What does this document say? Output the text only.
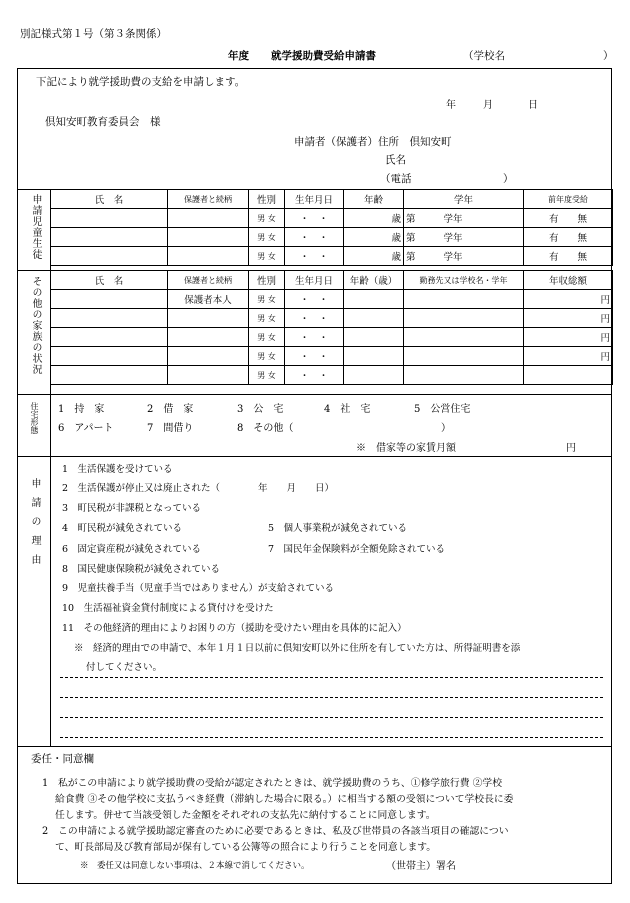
別記様式第１号（第３条関係）
年度 就学援助費受給申請書	（学校名	）
下記により就学援助費の支給を申請します。
年	月	日
倶知安町教育委員会　様
申請者（保護者）住所　倶知安町
氏名
（電話	）
申請児童生徒	氏　名	保護者と続柄	性別	生年月日	年齢	学年	前年度受給
		男 女	・　・	歳	第 学年	有　　無
		男 女	・　・	歳	第 学年	有　　無
		男 女	・　・	歳	第 学年	有　　無
その他の家族の状況	氏　名	保護者と続柄	性別	生年月日	年齢（歳）	勤務先又は学校名・学年	年収総額
	保護者本人	男 女	・　・			円
		男 女	・　・			円
		男 女	・　・			円
		男 女	・　・			円
		男 女	・　・			
住宅形態 1　持　家	2　借　家	3　公　宅	4　社　宅	5　公営住宅
6　アパート	7　間借り	8　その他（	）
※　借家等の家賃月額	円
申請の理由
1　生活保護を受けている
2　生活保護が停止又は廃止された（　　　　年　　月　　日）
3　町民税が非課税となっている
4　町民税が減免されている	5　個人事業税が減免されている
6　固定資産税が減免されている	7　国民年金保険料が全額免除されている
8　国民健康保険税が減免されている
9　児童扶養手当（児童手当ではありません）が支給されている
10　生活福祉資金貸付制度による貸付けを受けた
11　その他経済的理由によりお困りの方（援助を受けたい理由を具体的に記入）
※　経済的理由での申請で、本年１月１日以前に倶知安町以外に住所を有していた方は、所得証明書を添
付してください。
委任・同意欄
1　私がこの申請により就学援助費の受給が認定されたときは、就学援助費のうち、①修学旅行費 ②学校
給食費 ③その他学校に支払うべき経費（滞納した場合に限る。）に相当する額の受領について学校長に委
任します。併せて当該受領した金額をそれぞれの支払先に納付することに同意します。
2　この申請による就学援助認定審査のために必要であるときは、私及び世帯員の各該当項目の確認につい
て、町長部局及び教育部局が保有している公簿等の照合により行うことを同意します。
※　委任又は同意しない事項は、２本線で消してください。	（世帯主）署名
